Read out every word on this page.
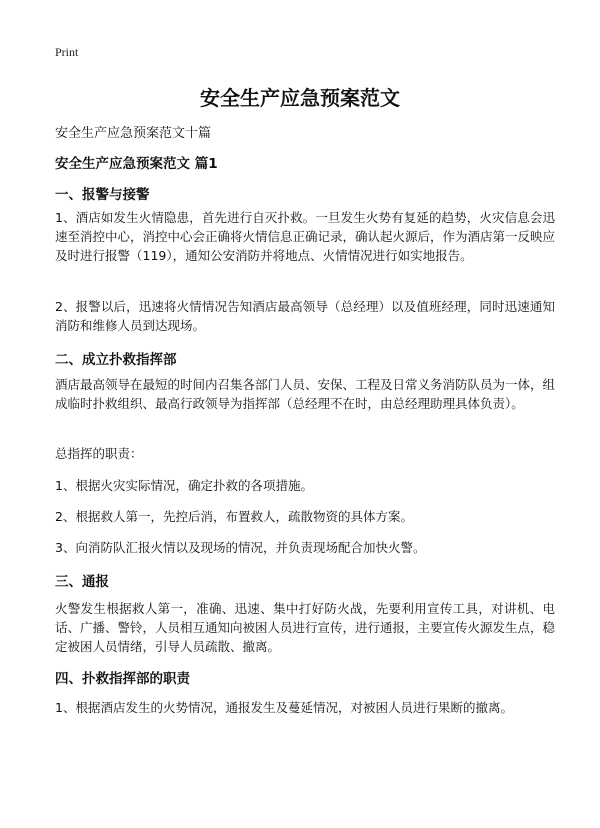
Print
安全生产应急预案范文
安全生产应急预案范文十篇
安全生产应急预案范文 篇1
一、报警与接警

1、酒店如发生火情隐患，首先进行自灭扑救。一旦发生火势有复延的趋势，火灾信息会迅速至消控中心，消控中心会正确将火情信息正确记录，确认起火源后，作为酒店第一反映应及时进行报警（119），通知公安消防并将地点、火情情况进行如实地报告。

2、报警以后，迅速将火情情况告知酒店最高领导（总经理）以及值班经理，同时迅速通知消防和维修人员到达现场。

二、成立扑救指挥部

酒店最高领导在最短的时间内召集各部门人员、安保、工程及日常义务消防队员为一体，组成临时扑救组织、最高行政领导为指挥部（总经理不在时，由总经理助理具体负责）。

总指挥的职责：

1、根据火灾实际情况，确定扑救的各项措施。

2、根据救人第一，先控后消，布置救人，疏散物资的具体方案。

3、向消防队汇报火情以及现场的情况，并负责现场配合加快火警。

三、通报

火警发生根据救人第一，准确、迅速、集中打好防火战，先要利用宣传工具，对讲机、电话、广播、警铃，人员相互通知向被困人员进行宣传，进行通报，主要宣传火源发生点，稳定被困人员情绪，引导人员疏散、撤离。

四、扑救指挥部的职责

1、根据酒店发生的火势情况，通报发生及蔓延情况，对被困人员进行果断的撤离。
